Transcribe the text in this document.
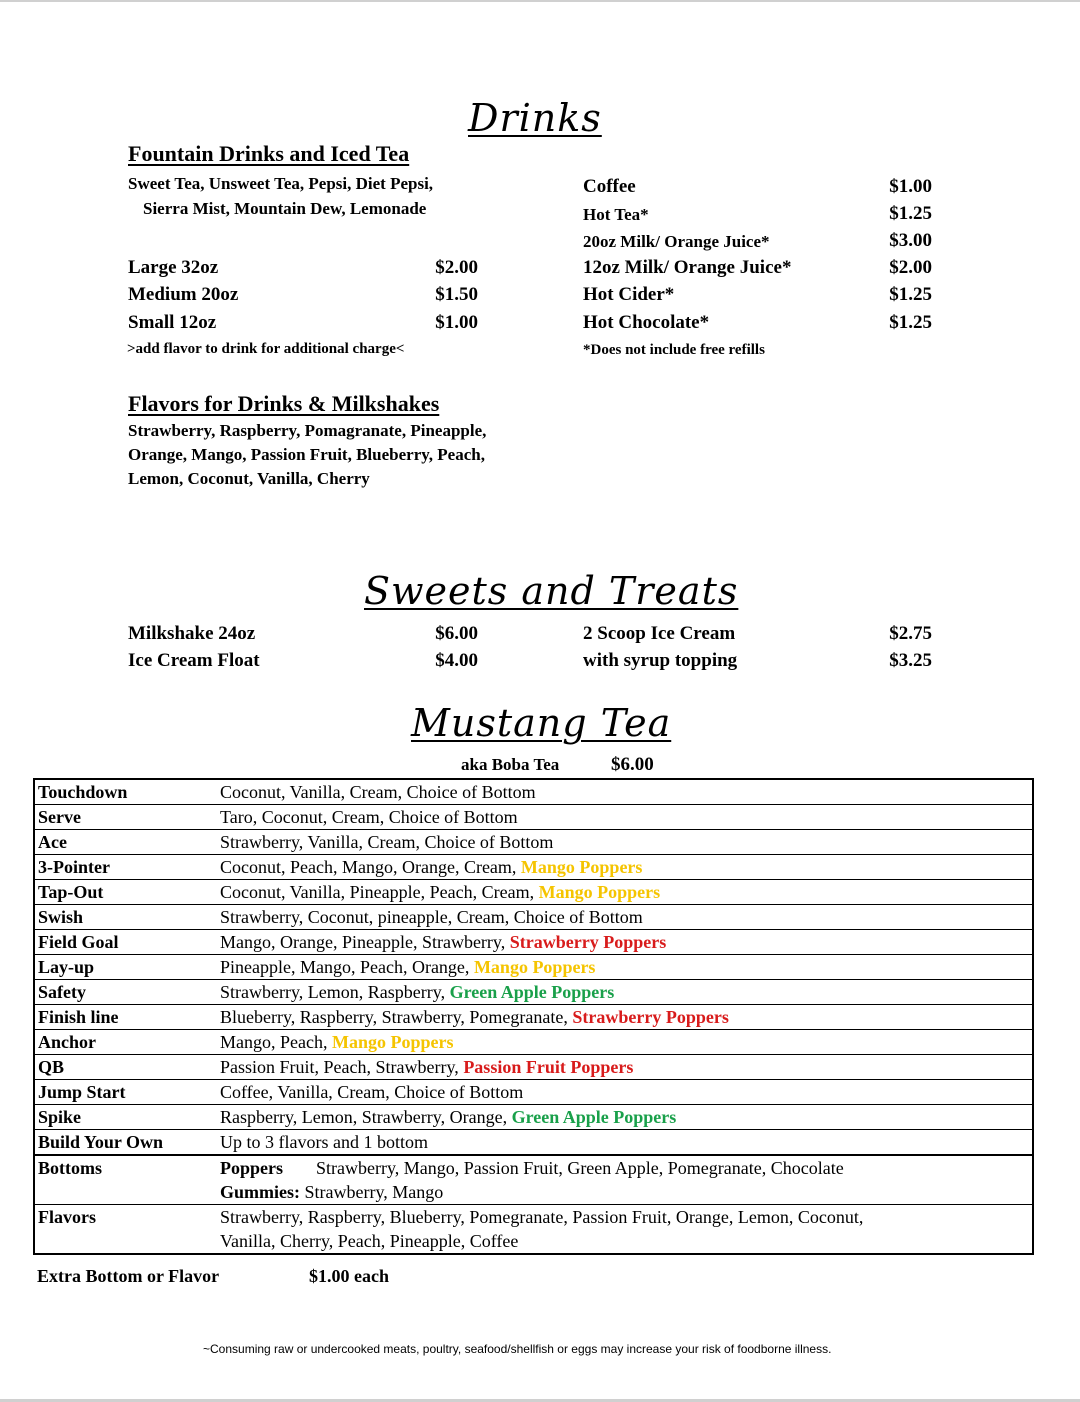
Drinks
Fountain Drinks and Iced Tea
Sweet Tea, Unsweet Tea, Pepsi, Diet Pepsi,
Sierra Mist, Mountain Dew, Lemonade
Large 32oz	$2.00
Medium 20oz	$1.50
Small 12oz	$1.00
>add flavor to drink for additional charge<
Coffee	$1.00
Hot Tea*	$1.25
20oz Milk/ Orange Juice*	$3.00
12oz Milk/ Orange Juice*	$2.00
Hot Cider*	$1.25
Hot Chocolate*	$1.25
*Does not include free refills
Flavors for Drinks & Milkshakes
Strawberry, Raspberry, Pomagranate, Pineapple,
Orange, Mango, Passion Fruit, Blueberry, Peach,
Lemon, Coconut, Vanilla, Cherry
Sweets and Treats
Milkshake 24oz	$6.00
Ice Cream Float	$4.00
2 Scoop Ice Cream	$2.75
with syrup topping	$3.25
Mustang Tea
aka Boba Tea	$6.00
Touchdown	Coconut, Vanilla, Cream, Choice of Bottom
Serve	Taro, Coconut, Cream, Choice of Bottom
Ace	Strawberry, Vanilla, Cream, Choice of Bottom
3-Pointer	Coconut, Peach, Mango, Orange, Cream, Mango Poppers
Tap-Out	Coconut, Vanilla, Pineapple, Peach, Cream, Mango Poppers
Swish	Strawberry, Coconut, pineapple, Cream, Choice of Bottom
Field Goal	Mango, Orange, Pineapple, Strawberry, Strawberry Poppers
Lay-up	Pineapple, Mango, Peach, Orange, Mango Poppers
Safety	Strawberry, Lemon, Raspberry, Green Apple Poppers
Finish line	Blueberry, Raspberry, Strawberry, Pomegranate, Strawberry Poppers
Anchor	Mango, Peach, Mango Poppers
QB	Passion Fruit, Peach, Strawberry, Passion Fruit Poppers
Jump Start	Coffee, Vanilla, Cream, Choice of Bottom
Spike	Raspberry, Lemon, Strawberry, Orange, Green Apple Poppers
Build Your Own	Up to 3 flavors and 1 bottom
Bottoms	Poppers Strawberry, Mango, Passion Fruit, Green Apple, Pomegranate, Chocolate
Gummies: Strawberry, Mango

Flavors	Strawberry, Raspberry, Blueberry, Pomegranate, Passion Fruit, Orange, Lemon, Coconut,
Vanilla, Cherry, Peach, Pineapple, Coffee
Extra Bottom or Flavor	$1.00 each
~Consuming raw or undercooked meats, poultry, seafood/shellfish or eggs may increase your risk of foodborne illness.
